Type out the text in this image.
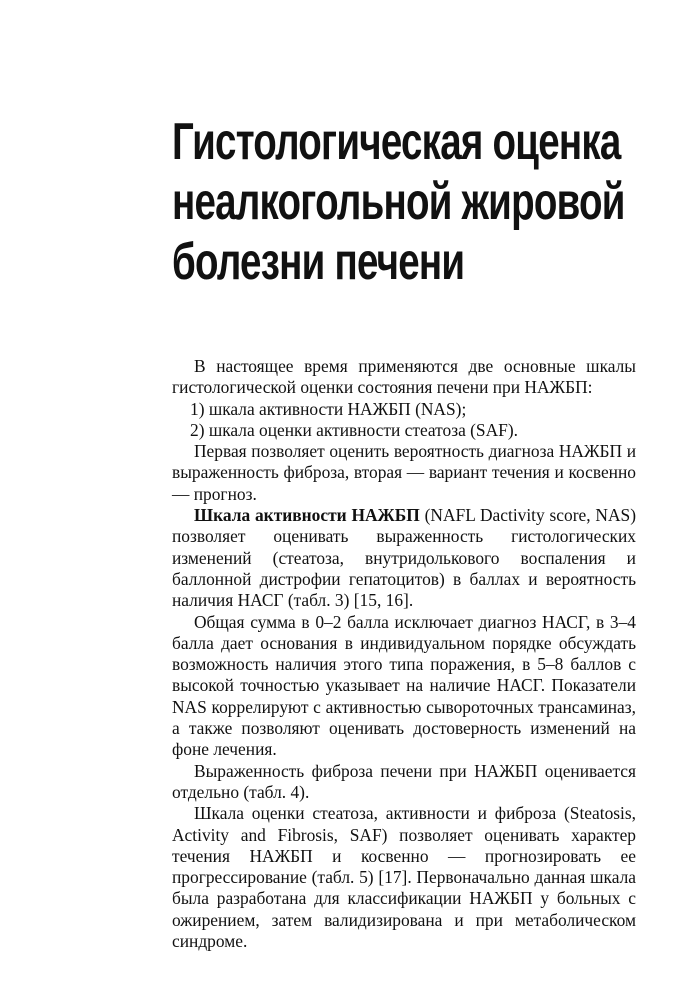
Гистологическая оценка
неалкогольной жировой
болезни печени

В настоящее время применяются две основные шкалы гистологической оценки состояния печени при НАЖБП:

1) шкала активности НАЖБП (NAS);

2) шкала оценки активности стеатоза (SAF).

Первая позволяет оценить вероятность диагноза НАЖБП и выраженность фиброза, вторая — вариант течения и косвенно — прогноз.

Шкала активности НАЖБП (NAFL Dactivity score, NAS) позволяет оценивать выраженность гистологических изменений (стеатоза, внутридолькового воспаления и баллонной дистрофии гепатоцитов) в баллах и вероятность наличия НАСГ (табл. 3) [15, 16].

Общая сумма в 0–2 балла исключает диагноз НАСГ, в 3–4 балла дает основания в индивидуальном порядке обсуждать возможность наличия этого типа поражения, в 5–8 баллов с высокой точностью указывает на наличие НАСГ. Показатели NAS коррелируют с активностью сывороточных трансаминаз, а также позволяют оценивать достоверность изменений на фоне лечения.

Выраженность фиброза печени при НАЖБП оценивается отдельно (табл. 4).

Шкала оценки стеатоза, активности и фиброза (Steatosis, Activity and Fibrosis, SAF) позволяет оценивать характер течения НАЖБП и косвенно — прогнозировать ее прогрессирование (табл. 5) [17]. Первоначально данная шкала была разработана для классификации НАЖБП у больных с ожирением, затем валидизирована и при метаболическом синдроме.
